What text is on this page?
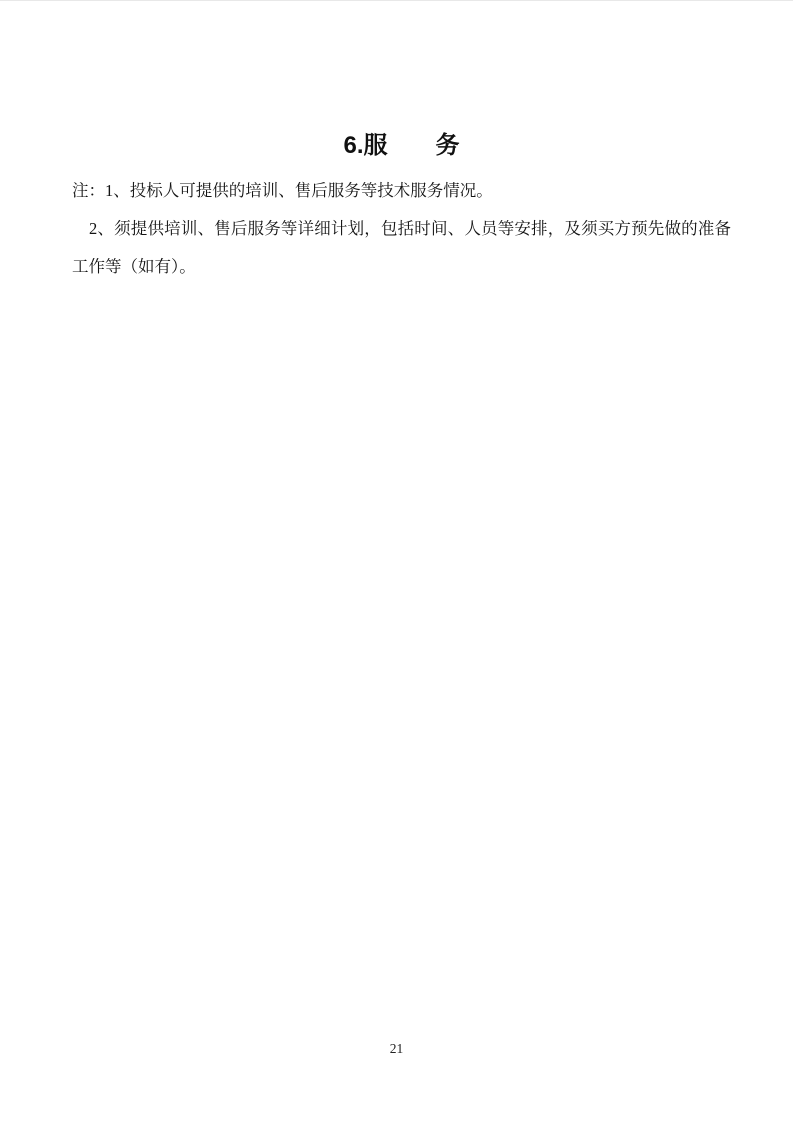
6.服　　务

注：1、投标人可提供的培训、售后服务等技术服务情况。

2、须提供培训、售后服务等详细计划，包括时间、人员等安排，及须买方预先做的准备工作等（如有）。

21
